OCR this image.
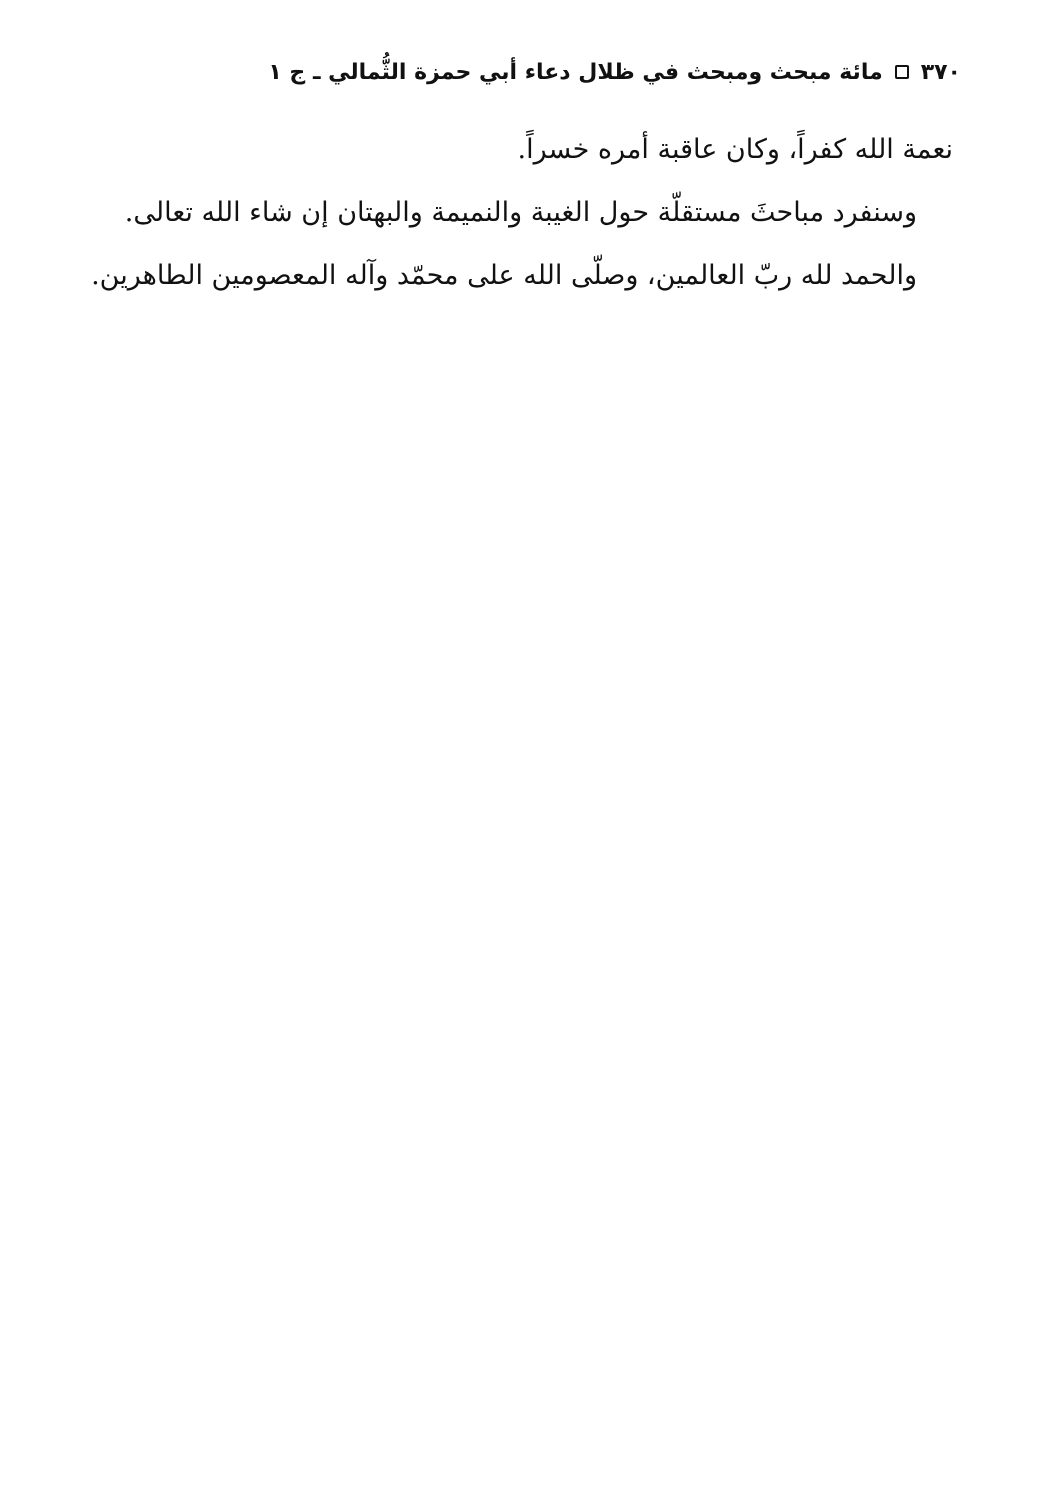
٣٧٠
مائة مبحث ومبحث في ظلال دعاء أبي حمزة الثُّمالي ـ ج ١

نعمة الله كفراً، وكان عاقبة أمره خسراً.

وسنفرد مباحثَ مستقلّة حول الغيبة والنميمة والبهتان إن شاء الله تعالى.

والحمد لله ربّ العالمين، وصلّى الله على محمّد وآله المعصومين الطاهرين.
